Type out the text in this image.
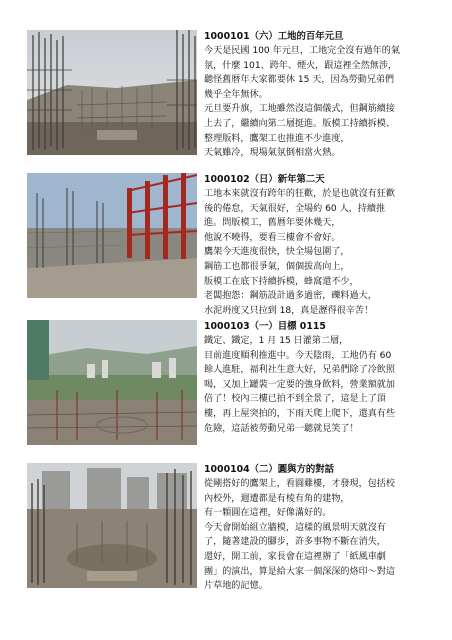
1000101（六）工地的百年元旦

今天是民國 100 年元旦，工地完全沒有過年的氣

氛，什麼 101、跨年、煙火，跟這裡全然無涉，

聽怪舊暦年大家都要休 15 天，因為勞動兄弟們

幾乎全年無休。

元旦要升旗，工地雖然沒這個儀式，但鋼筋續接

上去了，繼續向第二層挺進。版模工持續拆模、

整理版料，鷹架工也推進不少進度，

天氣雖冷，現場氣氛倒相當火熱。

1000102（日）新年第二天

工地本來就沒有跨年的狂歡，於是也就沒有狂歡

後的倦怠，天氣很好，全場約 60 人，持續推

進。問版模工，舊暦年要休幾天，

他說不曉得，要看三樓會不會好。

鷹架今天進度很快，快全場包圍了，

鋼筋工也都很爭氣，個個拔高向上，

版模工在底下持續拆模，蜂窩還不少，

老闆抱怨：鋼筋設計過多過密，礫料過大，

水泥坍度又只拉到 18，真是瀝得很辛苦！

1000103（一）目標 0115

鐵定、鐵定，1 月 15 日灌第二層，

目前進度順利推進中。今天陰雨，工地仍有 60

餘人進駐，福利社生意大好，兄弟們除了冷飲照

喝，又加上罐裝一定要的強身飲料，營業額就加

倍了！校內三樓已拍不到全景了，這是上了頂

樓，再上屋突拍的，下雨天爬上爬下，還真有些

危險，這話被勞動兄弟一聽就見笑了！

1000104（二）圓與方的對話

從剛搭好的鷹架上，看圓雞樓，才發現，包括校

內校外，週遭都是有棱有角的建物，

有一顆圓在這裡，好像滿好的。

今天會開始組立牆模，這樣的風景明天就沒有

了，隨著建設的腳步，許多事物不斷在消失，

還好，開工前，家長會在這裡辦了「紙風車劇

團」的演出，算是給大家一個深深的烙印～對這

片草地的記憶。
